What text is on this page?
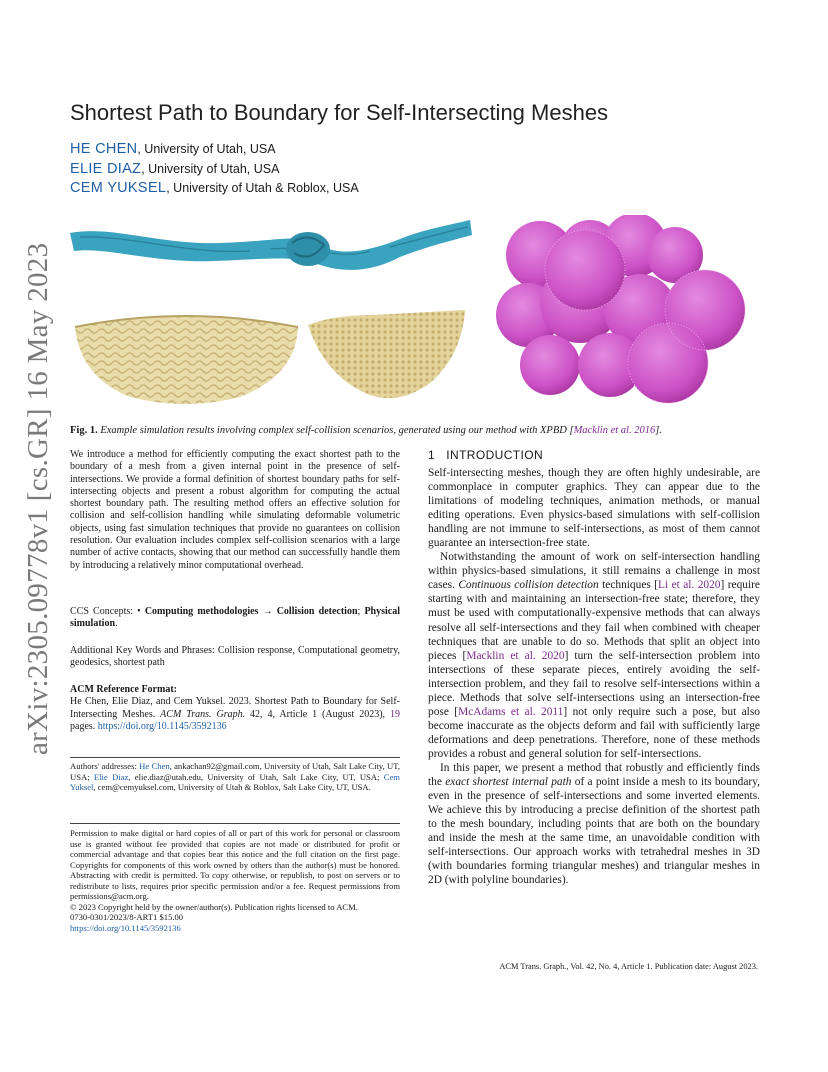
arXiv:2305.09778v1 [cs.GR] 16 May 2023
Shortest Path to Boundary for Self-Intersecting Meshes
HE CHEN, University of Utah, USA
ELIE DIAZ, University of Utah, USA
CEM YUKSEL, University of Utah & Roblox, USA
Fig. 1. Example simulation results involving complex self-collision scenarios, generated using our method with XPBD [Macklin et al. 2016].

We introduce a method for efficiently computing the exact shortest path to the boundary of a mesh from a given internal point in the presence of self-intersections. We provide a formal definition of shortest boundary paths for self-intersecting objects and present a robust algorithm for computing the actual shortest boundary path. The resulting method offers an effective solution for collision and self-collision handling while simulating deformable volumetric objects, using fast simulation techniques that provide no guarantees on collision resolution. Our evaluation includes complex self-collision scenarios with a large number of active contacts, showing that our method can successfully handle them by introducing a relatively minor computational overhead.

CCS Concepts: • Computing methodologies → Collision detection; Physical simulation.

Additional Key Words and Phrases: Collision response, Computational geometry, geodesics, shortest path

ACM Reference Format:

He Chen, Elie Diaz, and Cem Yuksel. 2023. Shortest Path to Boundary for Self-Intersecting Meshes. ACM Trans. Graph. 42, 4, Article 1 (August 2023), 19 pages. https://doi.org/10.1145/3592136

Authors' addresses: He Chen, ankachan92@gmail.com, University of Utah, Salt Lake City, UT, USA; Elie Diaz, elie.diaz@utah.edu, University of Utah, Salt Lake City, UT, USA; Cem Yuksel, cem@cemyuksel.com, University of Utah & Roblox, Salt Lake City, UT, USA.

Permission to make digital or hard copies of all or part of this work for personal or classroom use is granted without fee provided that copies are not made or distributed for profit or commercial advantage and that copies bear this notice and the full citation on the first page. Copyrights for components of this work owned by others than the author(s) must be honored. Abstracting with credit is permitted. To copy otherwise, or republish, to post on servers or to redistribute to lists, requires prior specific permission and/or a fee. Request permissions from permissions@acm.org.

© 2023 Copyright held by the owner/author(s). Publication rights licensed to ACM.

0730-0301/2023/8-ART1 $15.00

https://doi.org/10.1145/3592136

1 INTRODUCTION

Self-intersecting meshes, though they are often highly undesirable, are commonplace in computer graphics. They can appear due to the limitations of modeling techniques, animation methods, or manual editing operations. Even physics-based simulations with self-collision handling are not immune to self-intersections, as most of them cannot guarantee an intersection-free state.

Notwithstanding the amount of work on self-intersection handling within physics-based simulations, it still remains a challenge in most cases. Continuous collision detection techniques [Li et al. 2020] require starting with and maintaining an intersection-free state; therefore, they must be used with computationally-expensive methods that can always resolve all self-intersections and they fail when combined with cheaper techniques that are unable to do so. Methods that split an object into pieces [Macklin et al. 2020] turn the self-intersection problem into intersections of these separate pieces, entirely avoiding the self-intersection problem, and they fail to resolve self-intersections within a piece. Methods that solve self-intersections using an intersection-free pose [McAdams et al. 2011] not only require such a pose, but also become inaccurate as the objects deform and fail with sufficiently large deformations and deep penetrations. Therefore, none of these methods provides a robust and general solution for self-intersections.

In this paper, we present a method that robustly and efficiently finds the exact shortest internal path of a point inside a mesh to its boundary, even in the presence of self-intersections and some inverted elements. We achieve this by introducing a precise definition of the shortest path to the mesh boundary, including points that are both on the boundary and inside the mesh at the same time, an unavoidable condition with self-intersections. Our approach works with tetrahedral meshes in 3D (with boundaries forming triangular meshes) and triangular meshes in 2D (with polyline boundaries).

ACM Trans. Graph., Vol. 42, No. 4, Article 1. Publication date: August 2023.
